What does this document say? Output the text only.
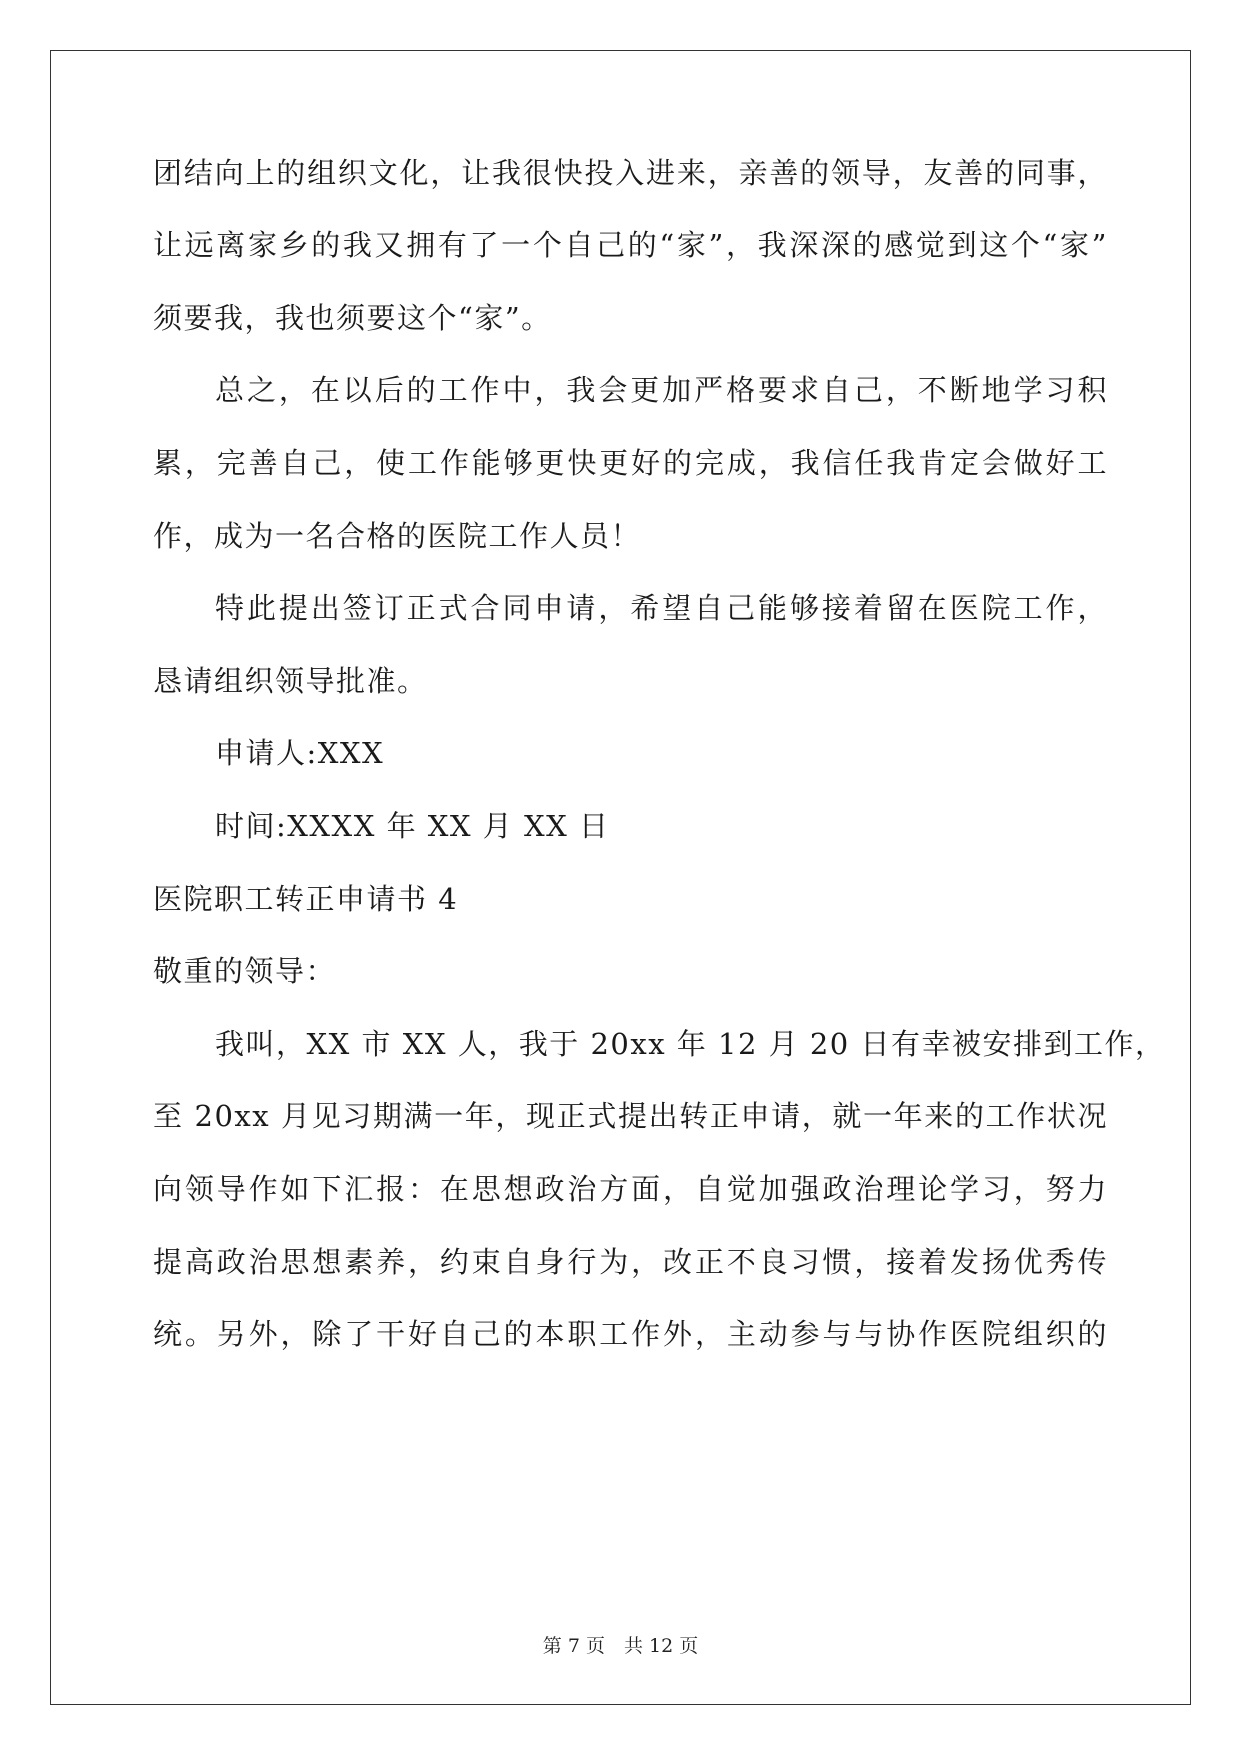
团结向上的组织文化，让我很快投入进来，亲善的领导，友善的同事，
让远离家乡的我又拥有了一个自己的“家”，我深深的感觉到这个“家”
须要我，我也须要这个“家”。
总之，在以后的工作中，我会更加严格要求自己，不断地学习积
累，完善自己，使工作能够更快更好的完成，我信任我肯定会做好工
作，成为一名合格的医院工作人员！
特此提出签订正式合同申请，希望自己能够接着留在医院工作，
恳请组织领导批准。
申请人:XXX
时间:XXXX 年 XX 月 XX 日
医院职工转正申请书 4
敬重的领导：
我叫，XX 市 XX 人，我于 20xx 年 12 月 20 日有幸被安排到工作，
至 20xx 月见习期满一年，现正式提出转正申请，就一年来的工作状况
向领导作如下汇报：在思想政治方面，自觉加强政治理论学习，努力
提高政治思想素养，约束自身行为，改正不良习惯，接着发扬优秀传
统。另外，除了干好自己的本职工作外，主动参与与协作医院组织的
第 7 页　共 12 页
